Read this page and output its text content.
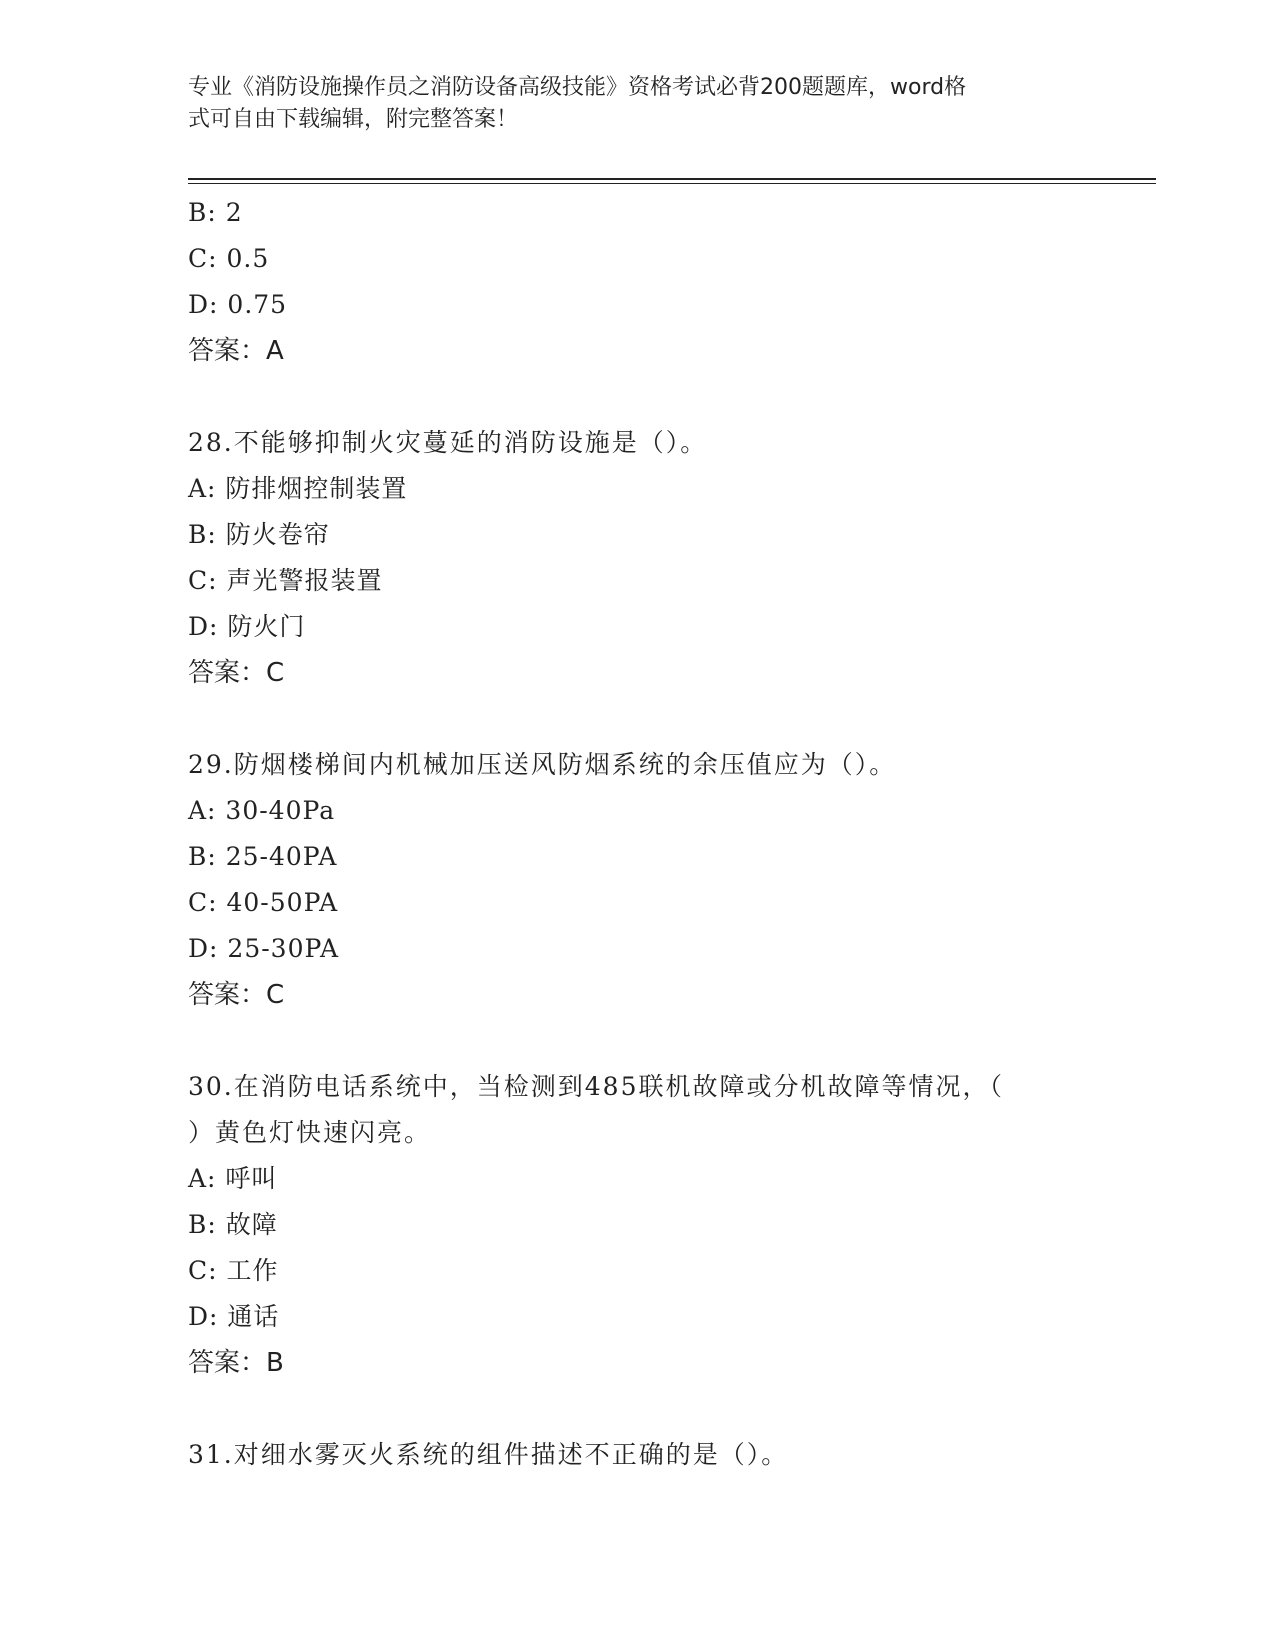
专业《消防设施操作员之消防设备高级技能》资格考试必背200题题库，word格
式可自由下载编辑，附完整答案！
B: 2
C: 0.5
D: 0.75
答案：A
28.不能够抑制火灾蔓延的消防设施是（）。
A: 防排烟控制装置
B: 防火卷帘
C: 声光警报装置
D: 防火门
答案：C
29.防烟楼梯间内机械加压送风防烟系统的余压值应为（）。
A: 30-40Pa
B: 25-40PA
C: 40-50PA
D: 25-30PA
答案：C
30.在消防电话系统中，当检测到485联机故障或分机故障等情况，（
）黄色灯快速闪亮。
A: 呼叫
B: 故障
C: 工作
D: 通话
答案：B
31.对细水雾灭火系统的组件描述不正确的是（）。
